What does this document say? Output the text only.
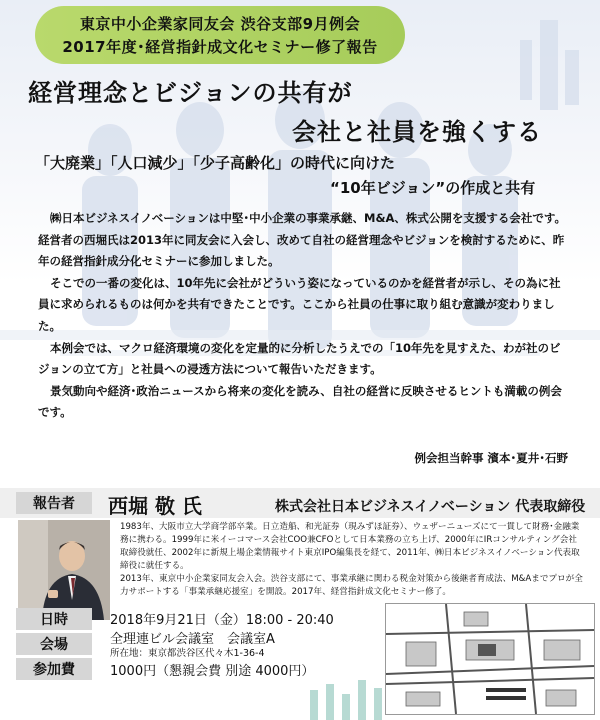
東京中小企業家同友会 渋谷支部9月例会
2017年度･経営指針成文化セミナー修了報告
経営理念とビジョンの共有が
会社と社員を強くする
「大廃業」「人口減少」「少子高齢化」の時代に向けた
“10年ビジョン”の作成と共有

㈱日本ビジネスイノベーションは中堅･中小企業の事業承継、M&A、株式公開を支援する会社です。経営者の西堀氏は2013年に同友会に入会し、改めて自社の経営理念やビジョンを検討するために、昨年の経営指針成分化セミナーに参加しました。

そこでの一番の変化は、10年先に会社がどういう姿になっているのかを経営者が示し、その為に社員に求められるものは何かを共有できたことです。ここから社員の仕事に取り組む意識が変わりました。

本例会では、マクロ経済環境の変化を定量的に分析したうえでの「10年先を見すえた、わが社のビジョンの立て方」と社員への浸透方法について報告いただきます。

景気動向や経済･政治ニュースから将来の変化を読み、自社の経営に反映させるヒントも満載の例会です。

例会担当幹事 濱本･夏井･石野
報告者	西堀 敬 氏	株式会社日本ビジネスイノベーション 代表取締役

1983年、大阪市立大学商学部卒業。日立造船、和光証券（現みずほ証券）、ウェザーニューズにて一貫して財務･金融業務に携わる。1999年に米イーコマース会社COO兼CFOとして日本業務の立ち上げ、2000年にIRコンサルティング会社取締役就任、2002年に新規上場企業情報サイト東京IPO編集長を経て、2011年、㈱日本ビジネスイノベーション代表取締役に就任する。

2013年、東京中小企業家同友会入会。渋谷支部にて、事業承継に関わる税金対策から後継者育成法、M&Aまでプロが全力サポートする「事業承継応援室」を開設。2017年、経営指針成文化セミナー修了。

日時	2018年9月21日（金）18:00 - 20:40
会場	全理連ビル会議室　会議室A
所在地：東京都渋谷区代々木1-36-4
参加費	1000円（懇親会費 別途 4000円）
